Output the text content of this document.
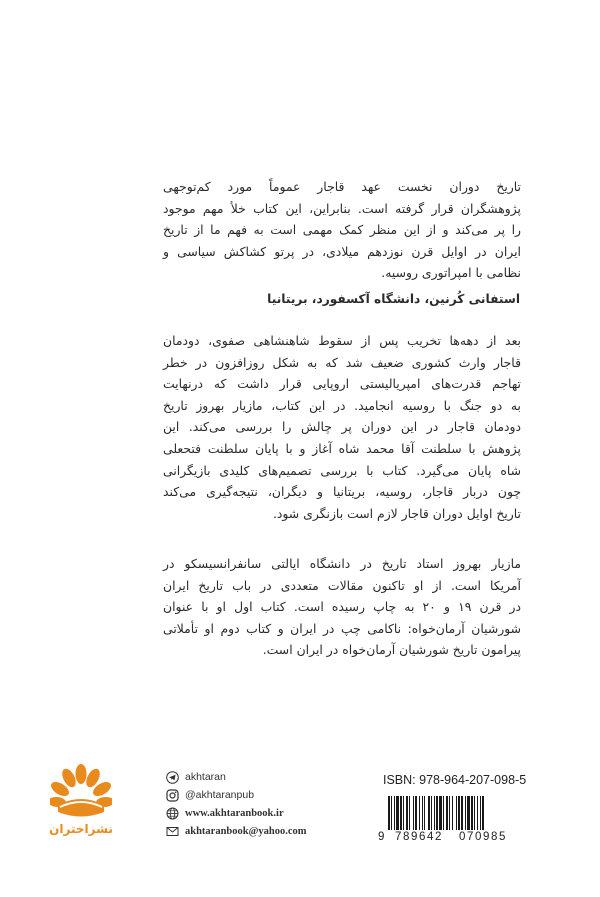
تاریخ دوران نخست عهد قاجار عموماً مورد کم‌توجهی
پژوهشگران قرار گرفته است. بنابراین، این کتاب خلأ مهم موجود
را پر می‌کند و از این منظر کمک مهمی است به فهم ما از تاریخ
ایران در اوایل قرن نوزدهم میلادی، در پرتو کشاکش سیاسی و
نظامی با امپراتوری روسیه.

استفانی کُرنین، دانشگاه آکسفورد، بریتانیا

بعد از دهه‌ها تخریب پس از سقوط شاهنشاهی صفوی، دودمان
قاجار وارث کشوری ضعیف شد که به شکل روزافزون در خطر
تهاجم قدرت‌های امپریالیستی اروپایی قرار داشت که درنهایت
به دو جنگ با روسیه انجامید. در این کتاب، مازیار بهروز تاریخ
دودمان قاجار در این دوران پر چالش را بررسی می‌کند. این
پژوهش با سلطنت آقا محمد شاه آغاز و با پایان سلطنت فتحعلی
شاه پایان می‌گیرد. کتاب با بررسی تصمیم‌های کلیدی بازیگرانی
چون دربار قاجار، روسیه، بریتانیا و دیگران، نتیجه‌گیری می‌کند
تاریخ اوایل دوران قاجار لازم است بازنگری شود.
مازیار بهروز استاد تاریخ در دانشگاه ایالتی سانفرانسیسکو در
آمریکا است. از او تاکنون مقالات متعددی در باب تاریخ ایران
در قرن ۱۹ و ۲۰ به چاپ رسیده است. کتاب اول او با عنوان
شورشیان آرمان‌خواه: ناکامی چپ در ایران و کتاب دوم او تأملاتی
پیرامون تاریخ شورشیان آرمان‌خواه در ایران است.

نشراختران

akhtaran
@akhtaranpub
www.akhtaranbook.ir
akhtaranbook@yahoo.com

ISBN: 978-964-207-098-5

9 789642 070985
